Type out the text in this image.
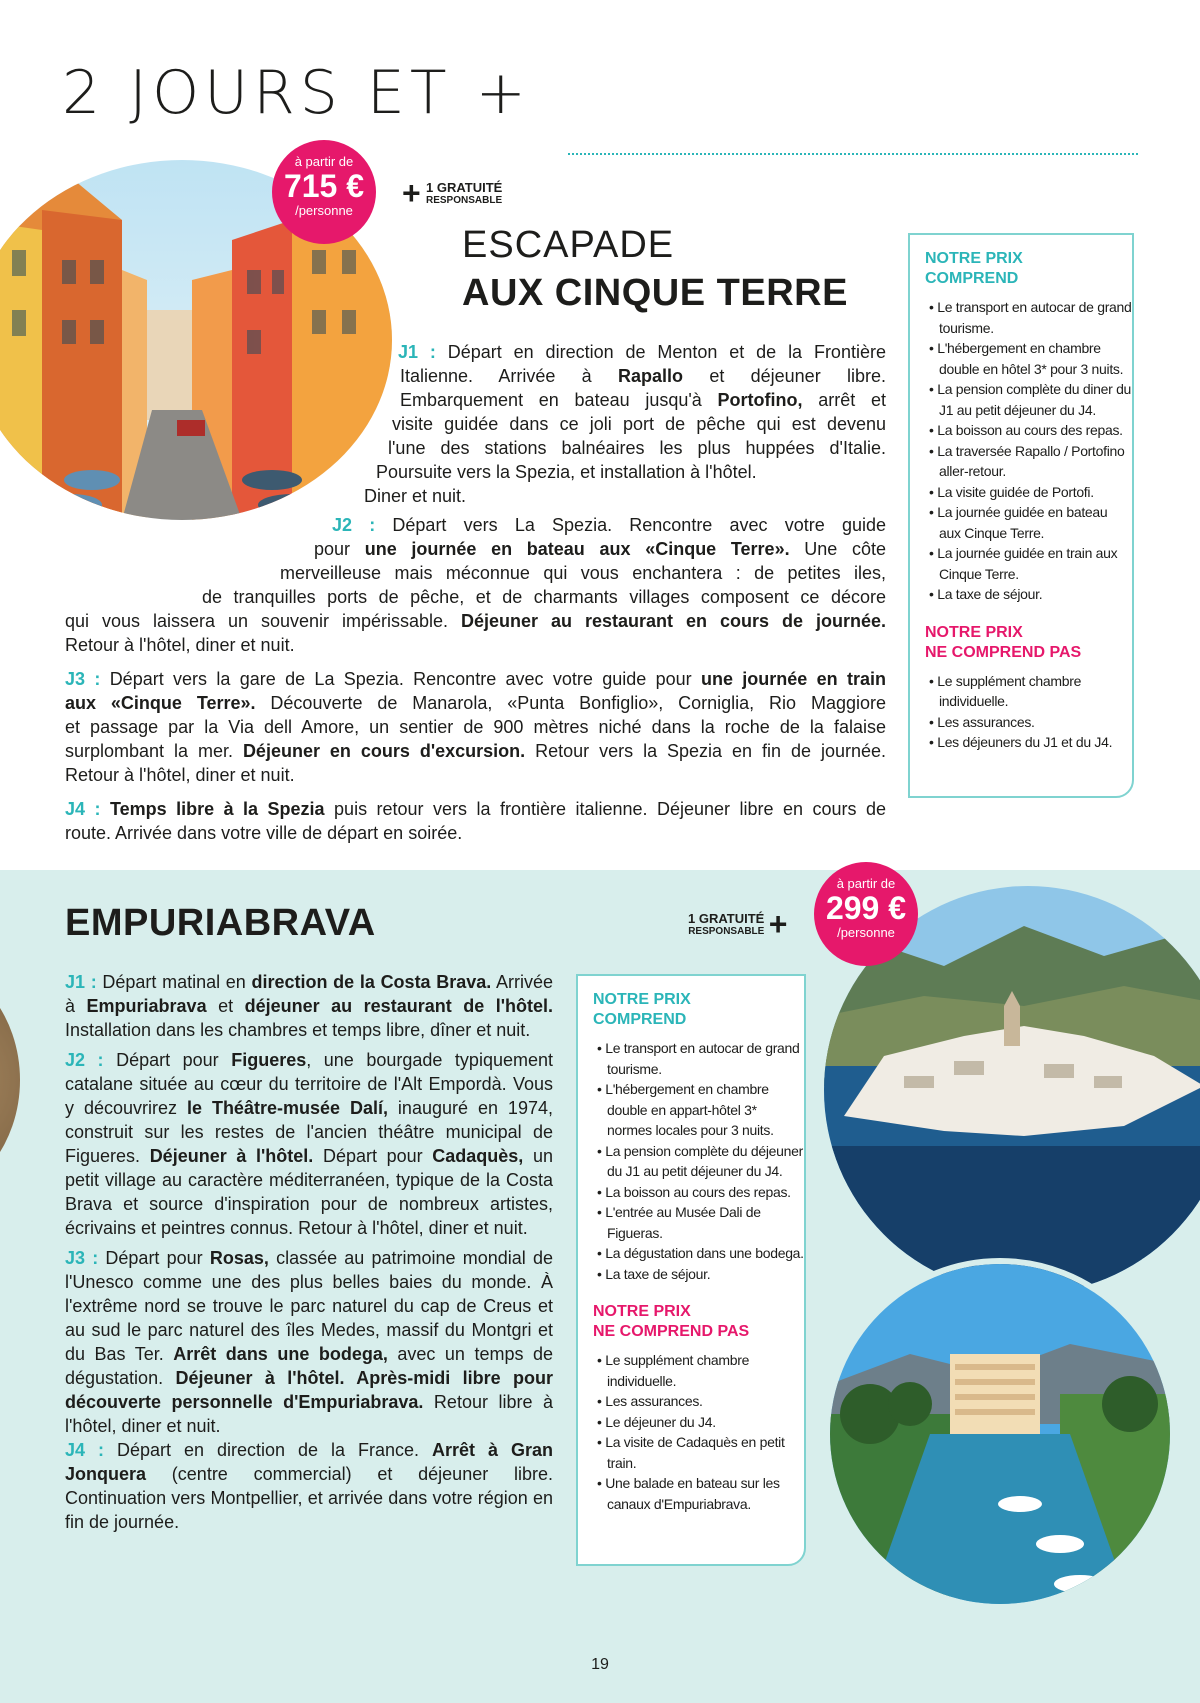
2 JOURS ET +
à partir de
715 €
/personne	+ 1 GRATUITÉ
RESPONSABLE
ESCAPADE
AUX CINQUE TERRE
J1 : Départ en direction de Menton et de la Frontière
Italienne. Arrivée à Rapallo et déjeuner libre.
Embarquement en bateau jusqu'à Portofino, arrêt et
visite guidée dans ce joli port de pêche qui est devenu
l'une des stations balnéaires les plus huppées d'Italie.
Poursuite vers la Spezia, et installation à l'hôtel.
Diner et nuit.
J2 : Départ vers La Spezia. Rencontre avec votre guide
pour une journée en bateau aux «Cinque Terre». Une côte
merveilleuse mais méconnue qui vous enchantera : de petites iles,
de tranquilles ports de pêche, et de charmants villages composent ce décore
qui vous laissera un souvenir impérissable. Déjeuner au restaurant en cours de journée.
Retour à l'hôtel, diner et nuit.
J3 : Départ vers la gare de La Spezia. Rencontre avec votre guide pour une journée en train
aux «Cinque Terre». Découverte de Manarola, «Punta Bonfiglio», Corniglia, Rio Maggiore
et passage par la Via dell Amore, un sentier de 900 mètres niché dans la roche de la falaise
surplombant la mer. Déjeuner en cours d'excursion. Retour vers la Spezia en fin de journée.
Retour à l'hôtel, diner et nuit.
J4 : Temps libre à la Spezia puis retour vers la frontière italienne. Déjeuner libre en cours de
route. Arrivée dans votre ville de départ en soirée.
NOTRE PRIX
COMPREND
• Le transport en autocar de grand tourisme.
• L'hébergement en chambre double en hôtel 3* pour 3 nuits.
• La pension complète du diner du J1 au petit déjeuner du J4.
• La boisson au cours des repas.
• La traversée Rapallo / Portofino aller-retour.
• La visite guidée de Portofi.
• La journée guidée en bateau aux Cinque Terre.
• La journée guidée en train aux Cinque Terre.
• La taxe de séjour.
NOTRE PRIX
NE COMPREND PAS
• Le supplément chambre individuelle.
• Les assurances.
• Les déjeuners du J1 et du J4.
EMPURIABRAVA	1 GRATUITÉ
RESPONSABLE +
à partir de
299 €
/personne

J1 : Départ matinal en direction de la Costa Brava. Arrivée à Empuriabrava et déjeuner au restaurant de l'hôtel. Installation dans les chambres et temps libre, dîner et nuit.

J2 : Départ pour Figueres, une bourgade typiquement catalane située au cœur du territoire de l'Alt Empordà. Vous y découvrirez le Théâtre-musée Dalí, inauguré en 1974, construit sur les restes de l'ancien théâtre municipal de Figueres. Déjeuner à l'hôtel. Départ pour Cadaquès, un petit village au caractère méditerranéen, typique de la Costa Brava et source d'inspiration pour de nombreux artistes, écrivains et peintres connus. Retour à l'hôtel, diner et nuit.

J3 : Départ pour Rosas, classée au patrimoine mondial de l'Unesco comme une des plus belles baies du monde. À l'extrême nord se trouve le parc naturel du cap de Creus et au sud le parc naturel des îles Medes, massif du Montgri et du Bas Ter. Arrêt dans une bodega, avec un temps de dégustation. Déjeuner à l'hôtel. Après-midi libre pour découverte personnelle d'Empuriabrava. Retour libre à l'hôtel, diner et nuit.

J4 : Départ en direction de la France. Arrêt à Gran Jonquera (centre commercial) et déjeuner libre. Continuation vers Montpellier, et arrivée dans votre région en fin de journée.

NOTRE PRIX
COMPREND
• Le transport en autocar de grand tourisme.
• L'hébergement en chambre double en appart-hôtel 3* normes locales pour 3 nuits.
• La pension complète du déjeuner du J1 au petit déjeuner du J4.
• La boisson au cours des repas.
• L'entrée au Musée Dali de Figueras.
• La dégustation dans une bodega.
• La taxe de séjour.
NOTRE PRIX
NE COMPREND PAS
• Le supplément chambre individuelle.
• Les assurances.
• Le déjeuner du J4.
• La visite de Cadaquès en petit train.
• Une balade en bateau sur les canaux d'Empuriabrava.
19
